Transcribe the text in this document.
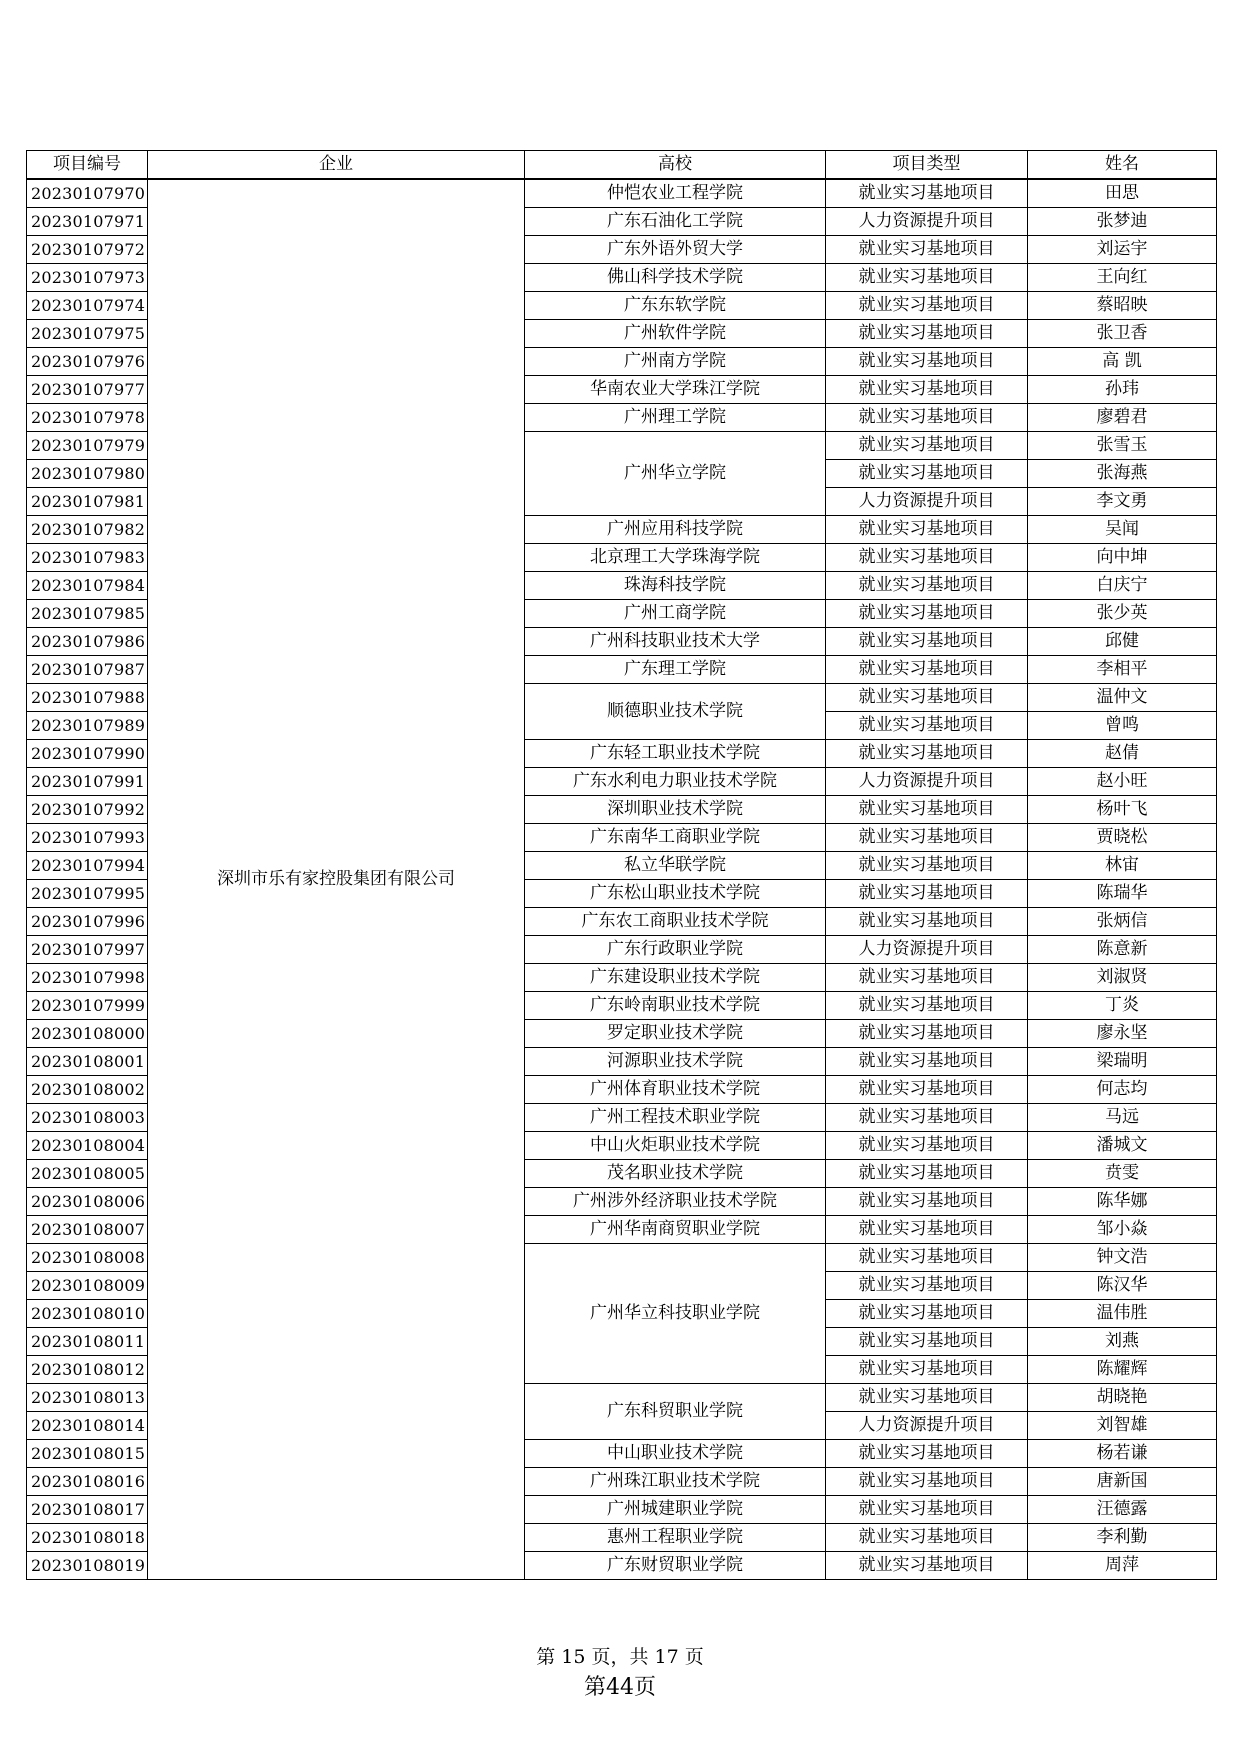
项目编号	企业	高校	项目类型	姓名
20230107970	深圳市乐有家控股集团有限公司	仲恺农业工程学院	就业实习基地项目	田思
20230107971		广东石油化工学院	人力资源提升项目	张梦迪
20230107972		广东外语外贸大学	就业实习基地项目	刘运宇
20230107973		佛山科学技术学院	就业实习基地项目	王向红
20230107974		广东东软学院	就业实习基地项目	蔡昭映
20230107975		广州软件学院	就业实习基地项目	张卫香
20230107976		广州南方学院	就业实习基地项目	高 凯
20230107977		华南农业大学珠江学院	就业实习基地项目	孙玮
20230107978		广州理工学院	就业实习基地项目	廖碧君
20230107979		广州华立学院	就业实习基地项目	张雪玉
20230107980			就业实习基地项目	张海燕
20230107981			人力资源提升项目	李文勇
20230107982		广州应用科技学院	就业实习基地项目	吴闻
20230107983		北京理工大学珠海学院	就业实习基地项目	向中坤
20230107984		珠海科技学院	就业实习基地项目	白庆宁
20230107985		广州工商学院	就业实习基地项目	张少英
20230107986		广州科技职业技术大学	就业实习基地项目	邱健
20230107987		广东理工学院	就业实习基地项目	李相平
20230107988		顺德职业技术学院	就业实习基地项目	温仲文
20230107989			就业实习基地项目	曾鸣
20230107990		广东轻工职业技术学院	就业实习基地项目	赵倩
20230107991		广东水利电力职业技术学院	人力资源提升项目	赵小旺
20230107992		深圳职业技术学院	就业实习基地项目	杨叶飞
20230107993		广东南华工商职业学院	就业实习基地项目	贾晓松
20230107994		私立华联学院	就业实习基地项目	林宙
20230107995		广东松山职业技术学院	就业实习基地项目	陈瑞华
20230107996		广东农工商职业技术学院	就业实习基地项目	张炳信
20230107997		广东行政职业学院	人力资源提升项目	陈意新
20230107998		广东建设职业技术学院	就业实习基地项目	刘淑贤
20230107999		广东岭南职业技术学院	就业实习基地项目	丁炎
20230108000		罗定职业技术学院	就业实习基地项目	廖永坚
20230108001		河源职业技术学院	就业实习基地项目	梁瑞明
20230108002		广州体育职业技术学院	就业实习基地项目	何志均
20230108003		广州工程技术职业学院	就业实习基地项目	马远
20230108004		中山火炬职业技术学院	就业实习基地项目	潘城文
20230108005		茂名职业技术学院	就业实习基地项目	贲雯
20230108006		广州涉外经济职业技术学院	就业实习基地项目	陈华娜
20230108007		广州华南商贸职业学院	就业实习基地项目	邹小焱
20230108008		广州华立科技职业学院	就业实习基地项目	钟文浩
20230108009			就业实习基地项目	陈汉华
20230108010			就业实习基地项目	温伟胜
20230108011			就业实习基地项目	刘燕
20230108012			就业实习基地项目	陈耀辉
20230108013		广东科贸职业学院	就业实习基地项目	胡晓艳
20230108014			人力资源提升项目	刘智雄
20230108015		中山职业技术学院	就业实习基地项目	杨若谦
20230108016		广州珠江职业技术学院	就业实习基地项目	唐新国
20230108017		广州城建职业学院	就业实习基地项目	汪德露
20230108018		惠州工程职业学院	就业实习基地项目	李利勤
20230108019		广东财贸职业学院	就业实习基地项目	周萍
第 15 页，共 17 页
第44页
